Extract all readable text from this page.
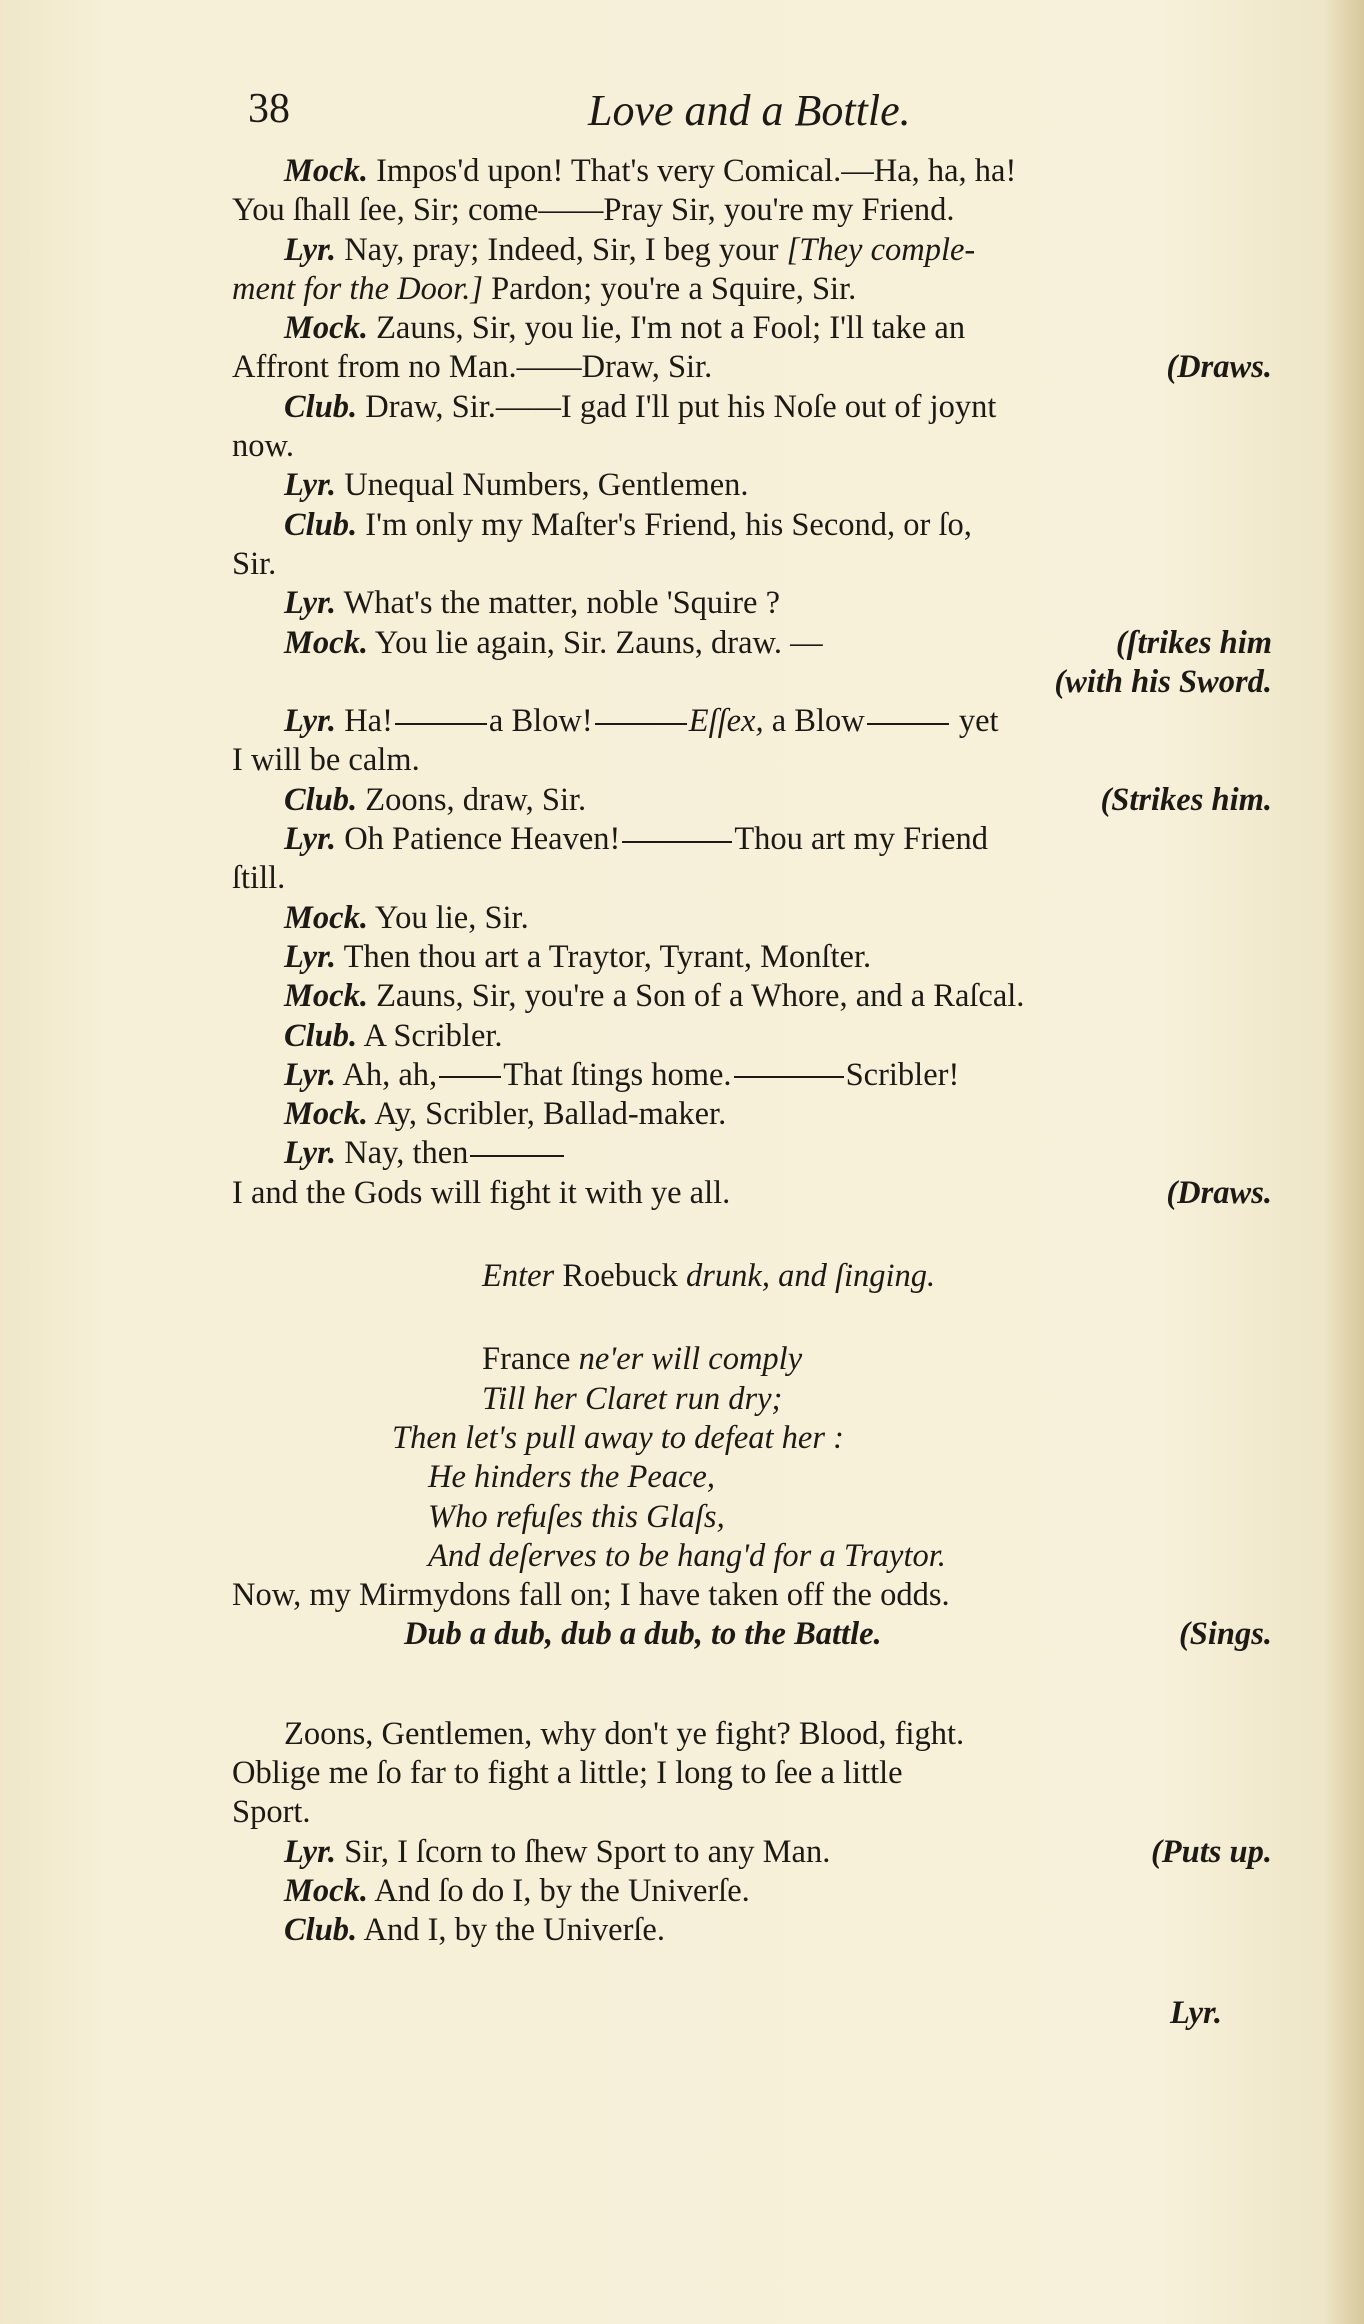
38	Love and a Bottle.
Mock. Impos'd upon! That's very Comical.—Ha, ha, ha!
You ſhall ſee, Sir; come——Pray Sir, you're my Friend.
Lyr. Nay, pray; Indeed, Sir, I beg your [They comple-
ment for the Door.] Pardon; you're a Squire, Sir.
Mock. Zauns, Sir, you lie, I'm not a Fool; I'll take an
Affront from no Man.——Draw, Sir.	(Draws.
Club. Draw, Sir.——I gad I'll put his Noſe out of joynt
now.
Lyr. Unequal Numbers, Gentlemen.
Club. I'm only my Maſter's Friend, his Second, or ſo,
Sir.
Lyr. What's the matter, noble 'Squire ?
Mock. You lie again, Sir. Zauns, draw. —	(ſtrikes him
(with his Sword.
Lyr. Ha!	a Blow!	Eſſex, a Blow	yet
I will be calm.
Club. Zoons, draw, Sir.	(Strikes him.
Lyr. Oh Patience Heaven!	Thou art my Friend
ſtill.
Mock. You lie, Sir.
Lyr. Then thou art a Traytor, Tyrant, Monſter.
Mock. Zauns, Sir, you're a Son of a Whore, and a Raſcal.
Club. A Scribler.
Lyr. Ah, ah, That ſtings home.	Scribler!
Mock. Ay, Scribler, Ballad-maker.
Lyr. Nay, then
I and the Gods will fight it with ye all.	(Draws.
Enter Roebuck drunk, and ſinging.
France ne'er will comply
Till her Claret run dry;
Then let's pull away to defeat her :
He hinders the Peace,
Who refuſes this Glaſs,
And deſerves to be hang'd for a Traytor.
Now, my Mirmydons fall on; I have taken off the odds.
Dub a dub, dub a dub, to the Battle.	(Sings.
Zoons, Gentlemen, why don't ye fight? Blood, fight.
Oblige me ſo far to fight a little; I long to ſee a little
Sport.
Lyr. Sir, I ſcorn to ſhew Sport to any Man.	(Puts up.
Mock. And ſo do I, by the Univerſe.
Club. And I, by the Univerſe.
Lyr.
